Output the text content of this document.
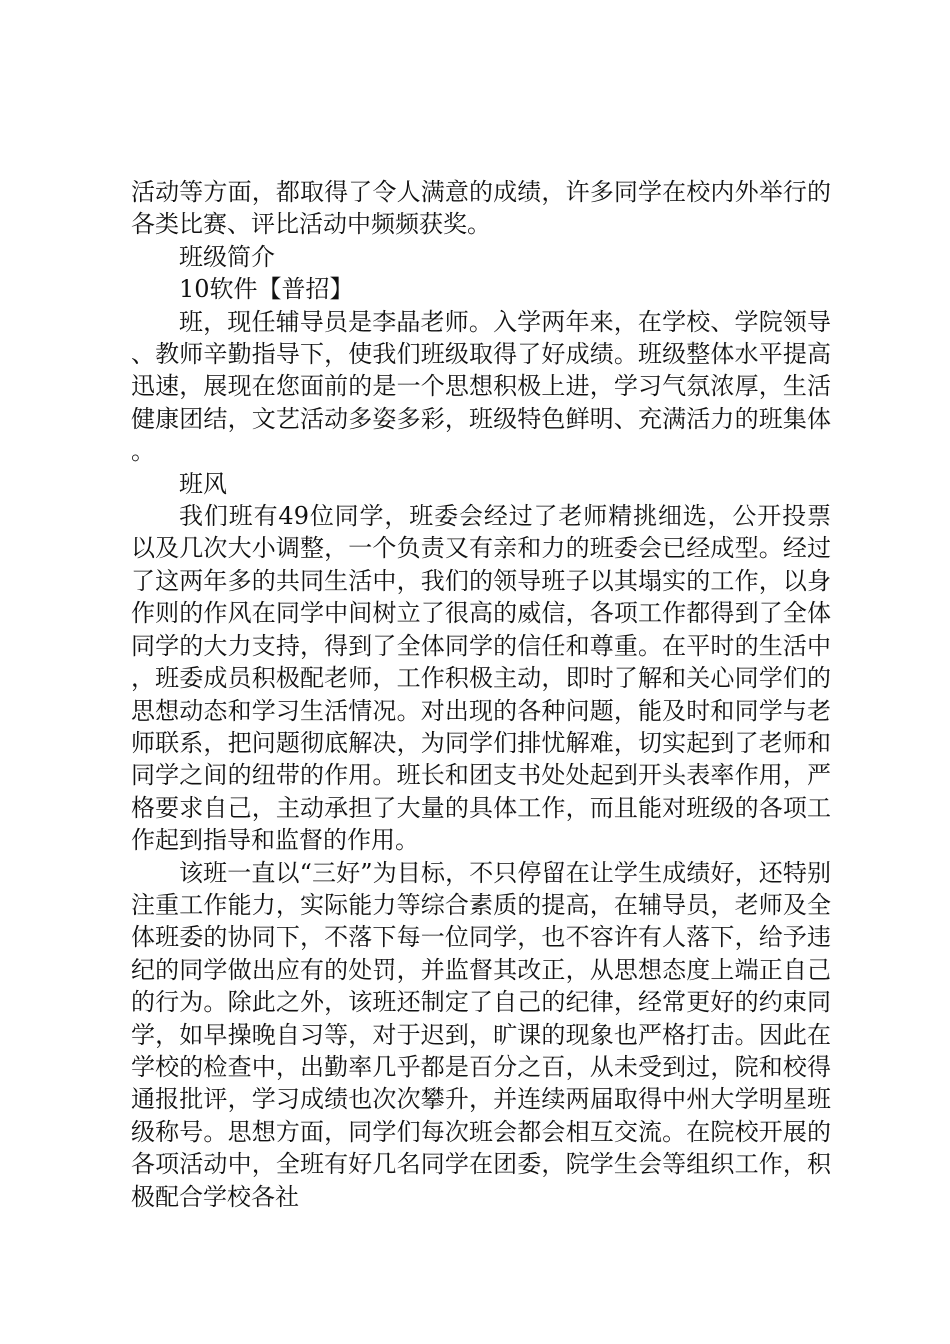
活动等方面，都取得了令人满意的成绩，许多同学在校内外举行的各类比赛、评比活动中频频获奖。

班级简介

10软件【普招】

班，现任辅导员是李晶老师。入学两年来，在学校、学院领导、教师辛勤指导下，使我们班级取得了好成绩。班级整体水平提高迅速，展现在您面前的是一个思想积极上进，学习气氛浓厚，生活健康团结，文艺活动多姿多彩，班级特色鲜明、充满活力的班集体。

班风

我们班有49位同学，班委会经过了老师精挑细选，公开投票以及几次大小调整，一个负责又有亲和力的班委会已经成型。经过了这两年多的共同生活中，我们的领导班子以其塌实的工作，以身作则的作风在同学中间树立了很高的威信，各项工作都得到了全体同学的大力支持，得到了全体同学的信任和尊重。在平时的生活中，班委成员积极配老师，工作积极主动，即时了解和关心同学们的思想动态和学习生活情况。对出现的各种问题，能及时和同学与老师联系，把问题彻底解决，为同学们排忧解难，切实起到了老师和同学之间的纽带的作用。班长和团支书处处起到开头表率作用，严格要求自己，主动承担了大量的具体工作，而且能对班级的各项工作起到指导和监督的作用。

该班一直以“三好”为目标，不只停留在让学生成绩好，还特别注重工作能力，实际能力等综合素质的提高，在辅导员，老师及全体班委的协同下，不落下每一位同学，也不容许有人落下，给予违纪的同学做出应有的处罚，并监督其改正，从思想态度上端正自己的行为。除此之外，该班还制定了自己的纪律，经常更好的约束同学，如早操晚自习等，对于迟到，旷课的现象也严格打击。因此在学校的检查中，出勤率几乎都是百分之百，从未受到过，院和校得通报批评，学习成绩也次次攀升，并连续两届取得中州大学明星班级称号。思想方面，同学们每次班会都会相互交流。在院校开展的各项活动中，全班有好几名同学在团委，院学生会等组织工作，积极配合学校各社
